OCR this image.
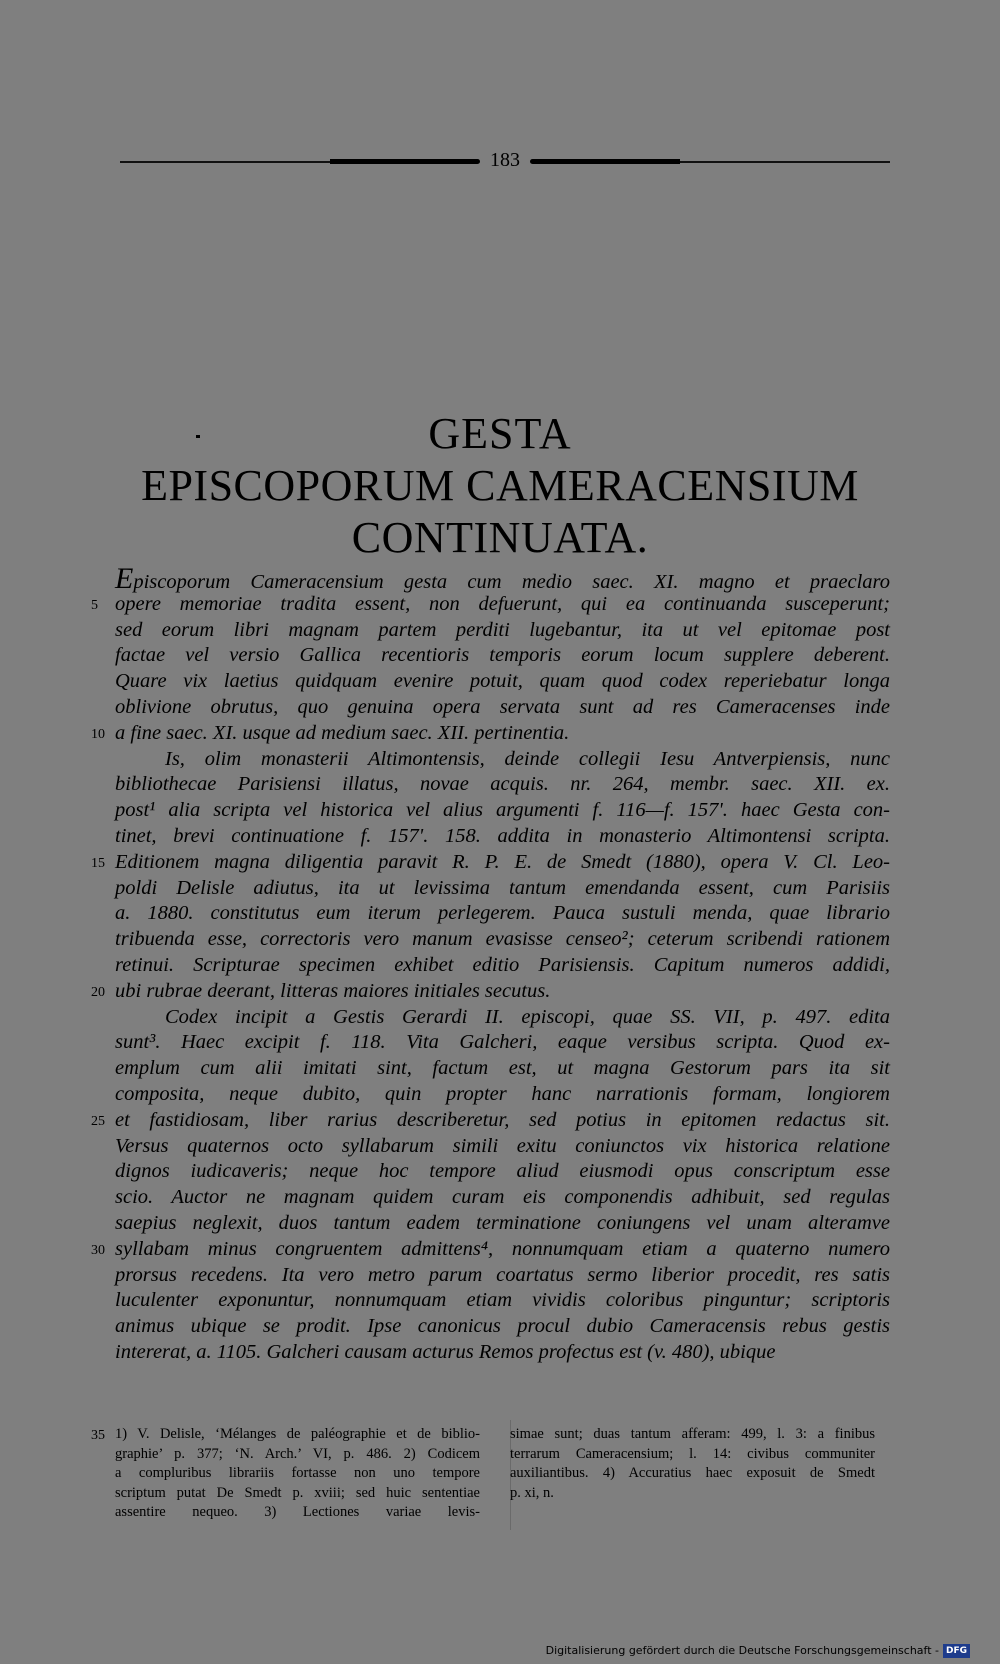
183
GESTA
EPISCOPORUM CAMERACENSIUM
CONTINUATA.
Episcoporum Cameracensium gesta cum medio saec. XI. magno et praeclaro
opere memoriae tradita essent, non defuerunt, qui ea continuanda susceperunt;
sed eorum libri magnam partem perditi lugebantur, ita ut vel epitomae post
factae vel versio Gallica recentioris temporis eorum locum supplere deberent.
Quare vix laetius quidquam evenire potuit, quam quod codex reperiebatur longa
oblivione obrutus, quo genuina opera servata sunt ad res Cameracenses inde
a fine saec. XI. usque ad medium saec. XII. pertinentia.
Is, olim monasterii Altimontensis, deinde collegii Iesu Antverpiensis, nunc
bibliothecae Parisiensi illatus, novae acquis. nr. 264, membr. saec. XII. ex.
post¹ alia scripta vel historica vel alius argumenti f. 116—f. 157'. haec Gesta con-
tinet, brevi continuatione f. 157'. 158. addita in monasterio Altimontensi scripta.
Editionem magna diligentia paravit R. P. E. de Smedt (1880), opera V. Cl. Leo-
poldi Delisle adiutus, ita ut levissima tantum emendanda essent, cum Parisiis
a. 1880. constitutus eum iterum perlegerem. Pauca sustuli menda, quae librario
tribuenda esse, correctoris vero manum evasisse censeo²; ceterum scribendi rationem
retinui. Scripturae specimen exhibet editio Parisiensis. Capitum numeros addidi,
ubi rubrae deerant, litteras maiores initiales secutus.
Codex incipit a Gestis Gerardi II. episcopi, quae SS. VII, p. 497. edita
sunt³. Haec excipit f. 118. Vita Galcheri, eaque versibus scripta. Quod ex-
emplum cum alii imitati sint, factum est, ut magna Gestorum pars ita sit
composita, neque dubito, quin propter hanc narrationis formam, longiorem
et fastidiosam, liber rarius describeretur, sed potius in epitomen redactus sit.
Versus quaternos octo syllabarum simili exitu coniunctos vix historica relatione
dignos iudicaveris; neque hoc tempore aliud eiusmodi opus conscriptum esse
scio. Auctor ne magnam quidem curam eis componendis adhibuit, sed regulas
saepius neglexit, duos tantum eadem terminatione coniungens vel unam alteramve
syllabam minus congruentem admittens⁴, nonnumquam etiam a quaterno numero
prorsus recedens. Ita vero metro parum coartatus sermo liberior procedit, res satis
luculenter exponuntur, nonnumquam etiam vividis coloribus pinguntur; scriptoris
animus ubique se prodit. Ipse canonicus procul dubio Cameracensis rebus gestis
intererat, a. 1105. Galcheri causam acturus Remos profectus est (v. 480), ubique
5
10
15
20
25
30
35 1) V. Delisle, ‘Mélanges de paléographie et de biblio-
graphie’ p. 377; ‘N. Arch.’ VI, p. 486. 2) Codicem
a compluribus librariis fortasse non uno tempore
scriptum putat De Smedt p. xviii; sed huic sententiae
assentire nequeo. 3) Lectiones variae levis-
simae sunt; duas tantum afferam: 499, l. 3: a finibus
terrarum Cameracensium; l. 14: civibus communiter
auxiliantibus. 4) Accuratius haec exposuit de Smedt
p. xi, n.
Digitalisierung gefördert durch die Deutsche Forschungsgemeinschaft - DFG
